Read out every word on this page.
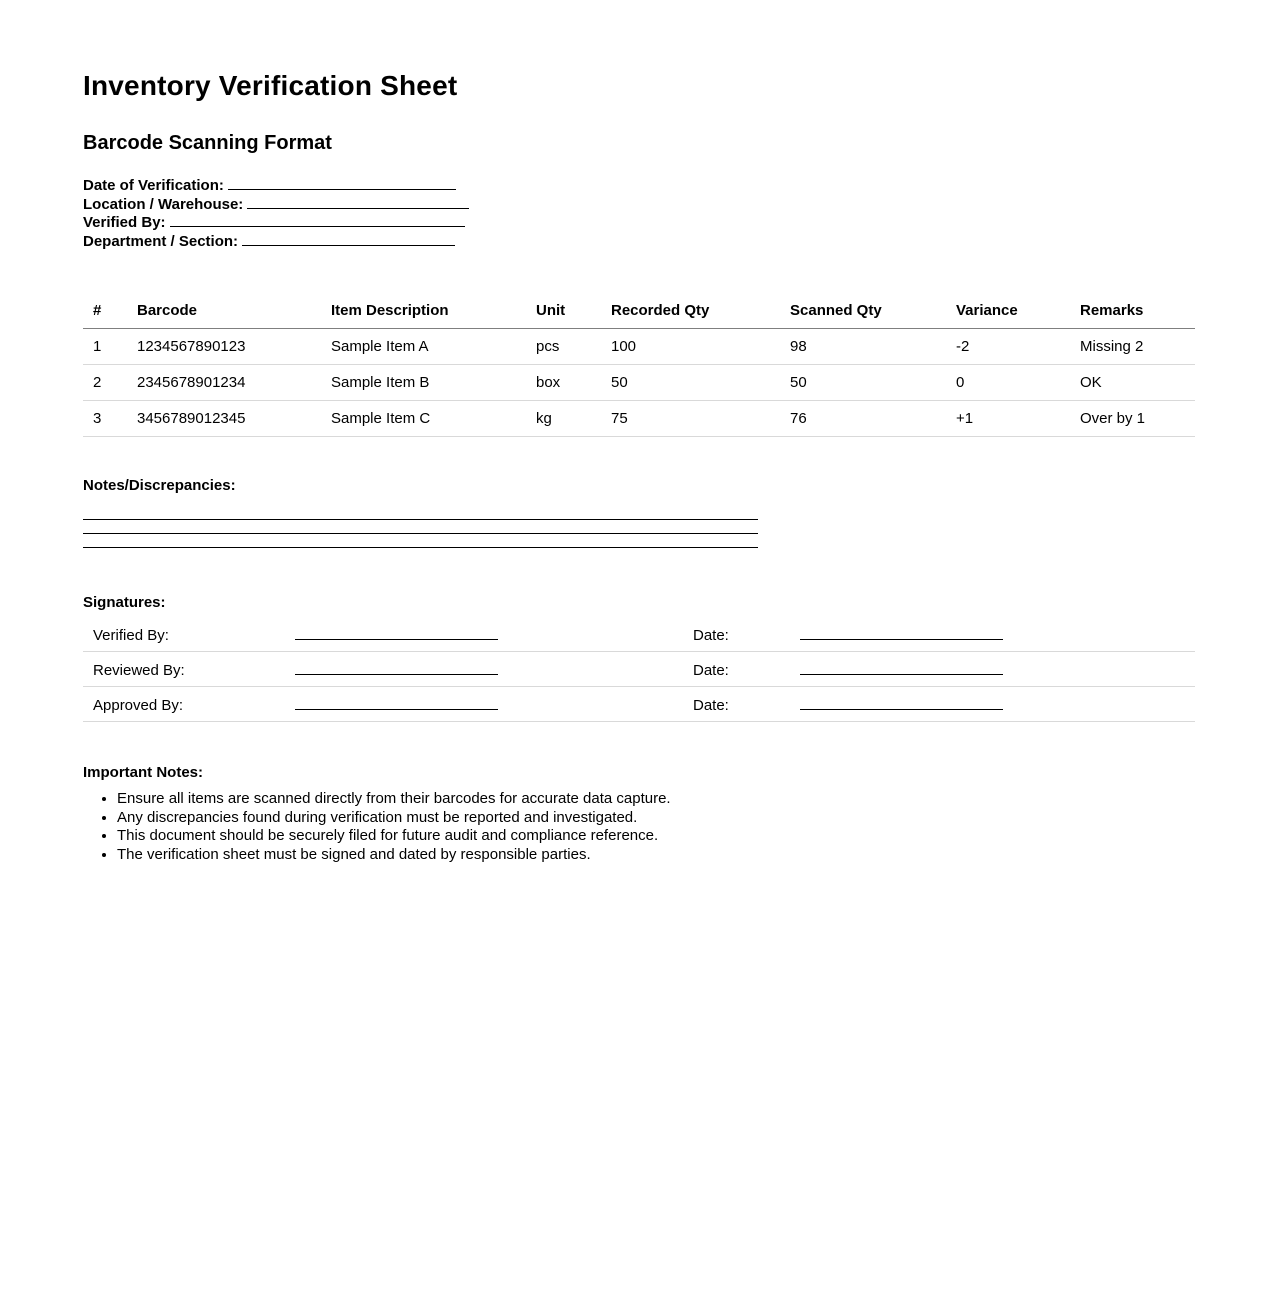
Inventory Verification Sheet
Barcode Scanning Format
Date of Verification:
Location / Warehouse:
Verified By:
Department / Section:
#	Barcode	Item Description	Unit	Recorded Qty	Scanned Qty	Variance	Remarks
1	1234567890123	Sample Item A	pcs	100	98	-2	Missing 2
2	2345678901234	Sample Item B	box	50	50	0	OK
3	3456789012345	Sample Item C	kg	75	76	+1	Over by 1
Notes/Discrepancies:
Signatures:
Verified By:	Date:
Reviewed By:	Date:
Approved By:	Date:
Important Notes:
• Ensure all items are scanned directly from their barcodes for accurate data capture.
• Any discrepancies found during verification must be reported and investigated.
• This document should be securely filed for future audit and compliance reference.
• The verification sheet must be signed and dated by responsible parties.
